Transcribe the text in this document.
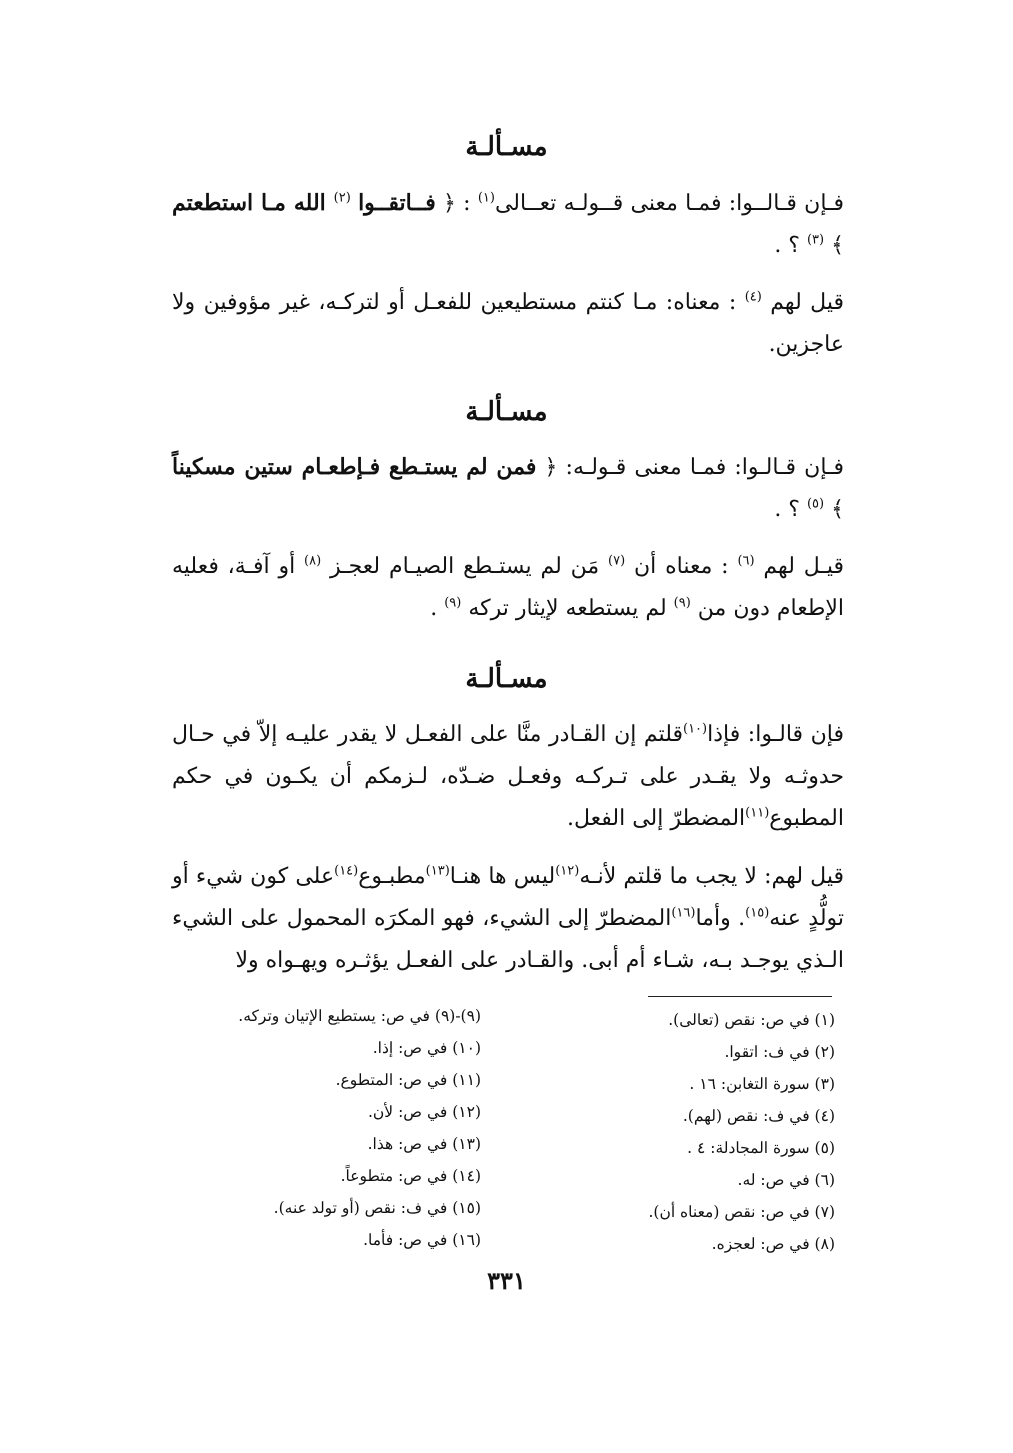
مسـألـة
فـإن قـالــوا: فمـا معنى قــولـه تعــالى$^{(١)}$ : ﴿ فــاتقــوا $^{(٢)}$ الله مـا استطعتم ﴾ $^{(٣)}$ ؟ .
قيل لهم $^{(٤)}$ : معناه: مـا كنتم مستطيعين للفعـل أو لتركـه، غير مؤوفين ولا عاجزين.
مسـألـة
فـإن قـالـوا: فمـا معنى قـولـه: ﴿ فمن لم يستـطع فـإطعـام ستين مسكيناً ﴾ $^{(٥)}$ ؟ .
قيـل لهم $^{(٦)}$ : معناه أن $^{(٧)}$ مَن لم يستـطع الصيـام لعجـز $^{(٨)}$ أو آفـة، فعليه الإطعام دون من $^{(٩)}$ لم يستطعه لإيثار تركه $^{(٩)}$ .
مسـألـة
فإن قالـوا: فإذا$^{(١٠)}$قلتم إن القـادر منَّا على الفعـل لا يقدر عليـه إلاّ في حـال حدوثـه ولا يقـدر على تـركـه وفعـل ضـدّه، لـزمكم أن يكـون في حكم المطبوع$^{(١١)}$المضطرّ إلى الفعل.
قيل لهم: لا يجب ما قلتم لأنـه$^{(١٢)}$ليس ها هنـا$^{(١٣)}$مطبـوع$^{(١٤)}$على كون شيء أو تولُّدٍ عنه$^{(١٥)}$. وأما$^{(١٦)}$المضطرّ إلى الشيء، فهو المكرَه المحمول على الشيء الـذي يوجـد بـه، شـاء أم أبى. والقـادر على الفعـل يؤثـره ويهـواه ولا
(١) في ص: نقص (تعالى).
(٢) في ف: اتقوا.
(٣) سورة التغابن: ١٦ .
(٤) في ف: نقص (لهم).
(٥) سورة المجادلة: ٤ .
(٦) في ص: له.
(٧) في ص: نقص (معناه أن).
(٨) في ص: لعجزه.
(٩)-(٩) في ص: يستطيع الإتيان وتركه.
(١٠) في ص: إذا.
(١١) في ص: المتطوع.
(١٢) في ص: لأن.
(١٣) في ص: هذا.
(١٤) في ص: متطوعاً.
(١٥) في ف: نقص (أو تولد عنه).
(١٦) في ص: فأما.
٣٣١
